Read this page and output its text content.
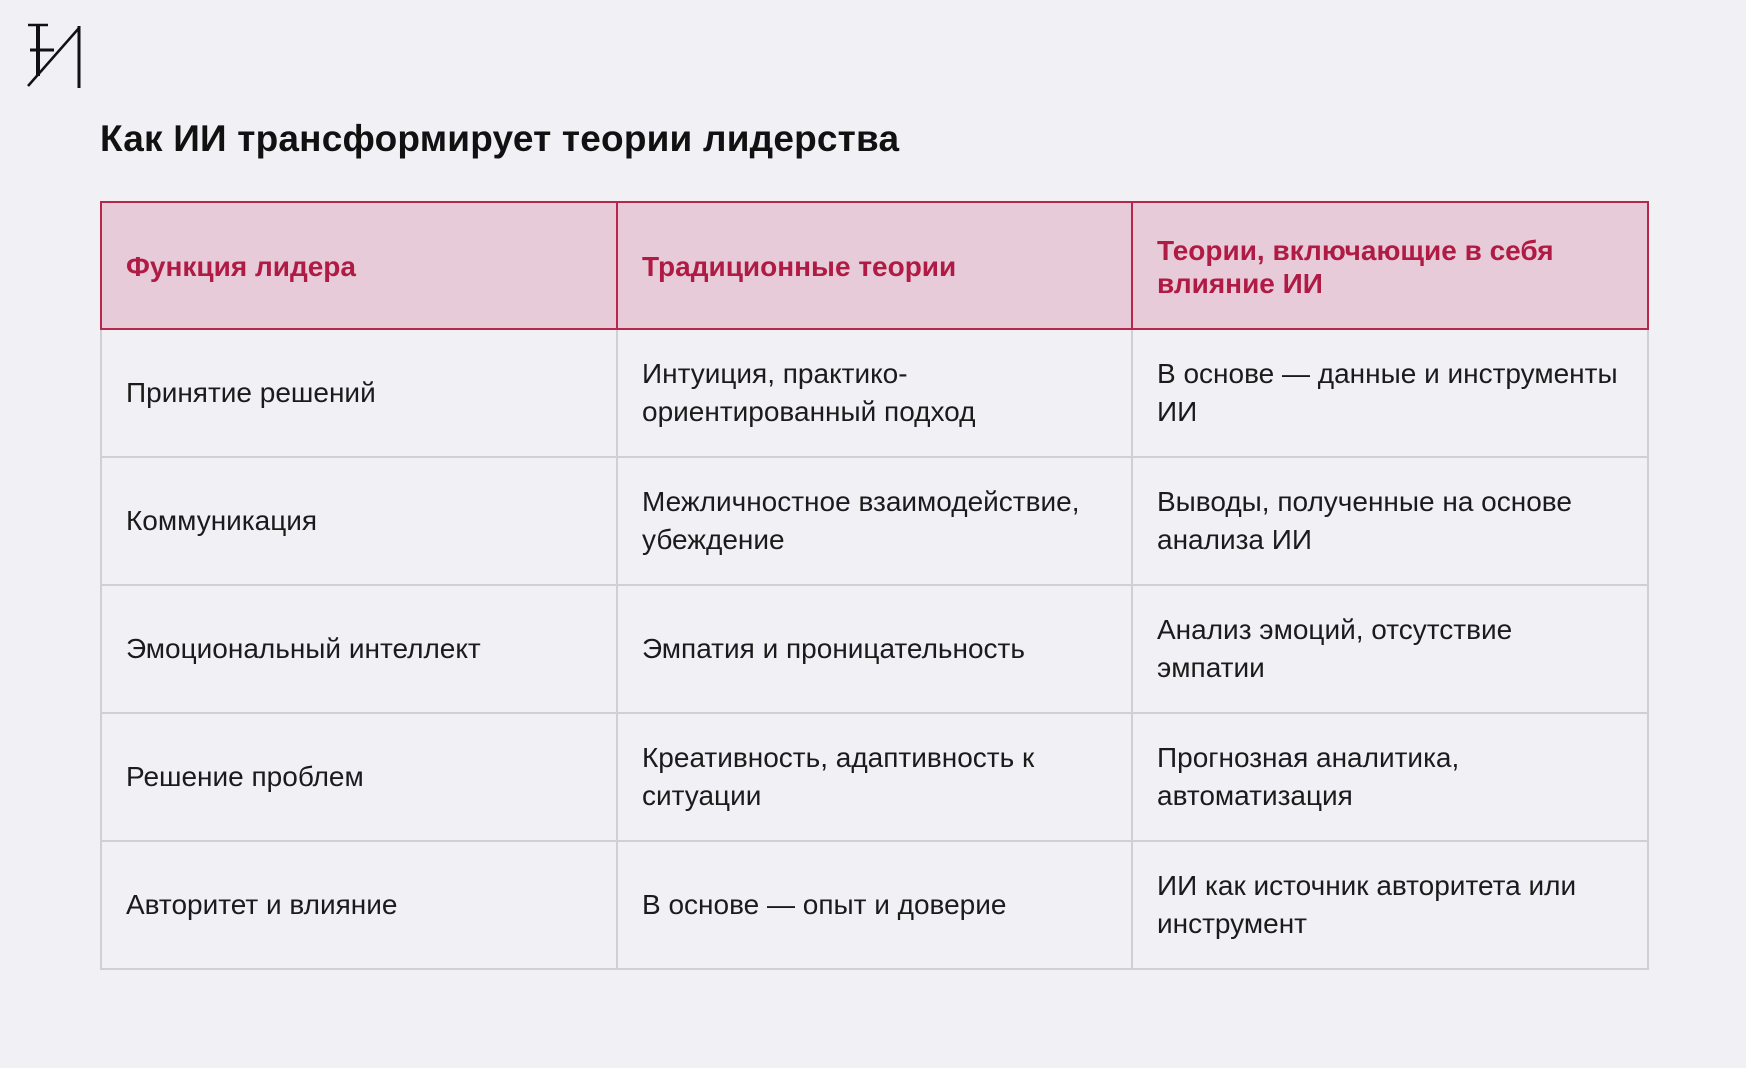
Как ИИ трансформирует теории лидерства
Функция лидера	Традиционные теории	Теории, включающие в себя влияние ИИ
Принятие решений	Интуиция, практико-ориентированный подход	В основе — данные и инструменты ИИ
Коммуникация	Межличностное взаимодействие, убеждение	Выводы, полученные на основе анализа ИИ
Эмоциональный интеллект	Эмпатия и проницательность	Анализ эмоций, отсутствие эмпатии
Решение проблем	Креативность, адаптивность к ситуации	Прогнозная аналитика, автоматизация
Авторитет и влияние	В основе — опыт и доверие	ИИ как источник авторитета или инструмент
